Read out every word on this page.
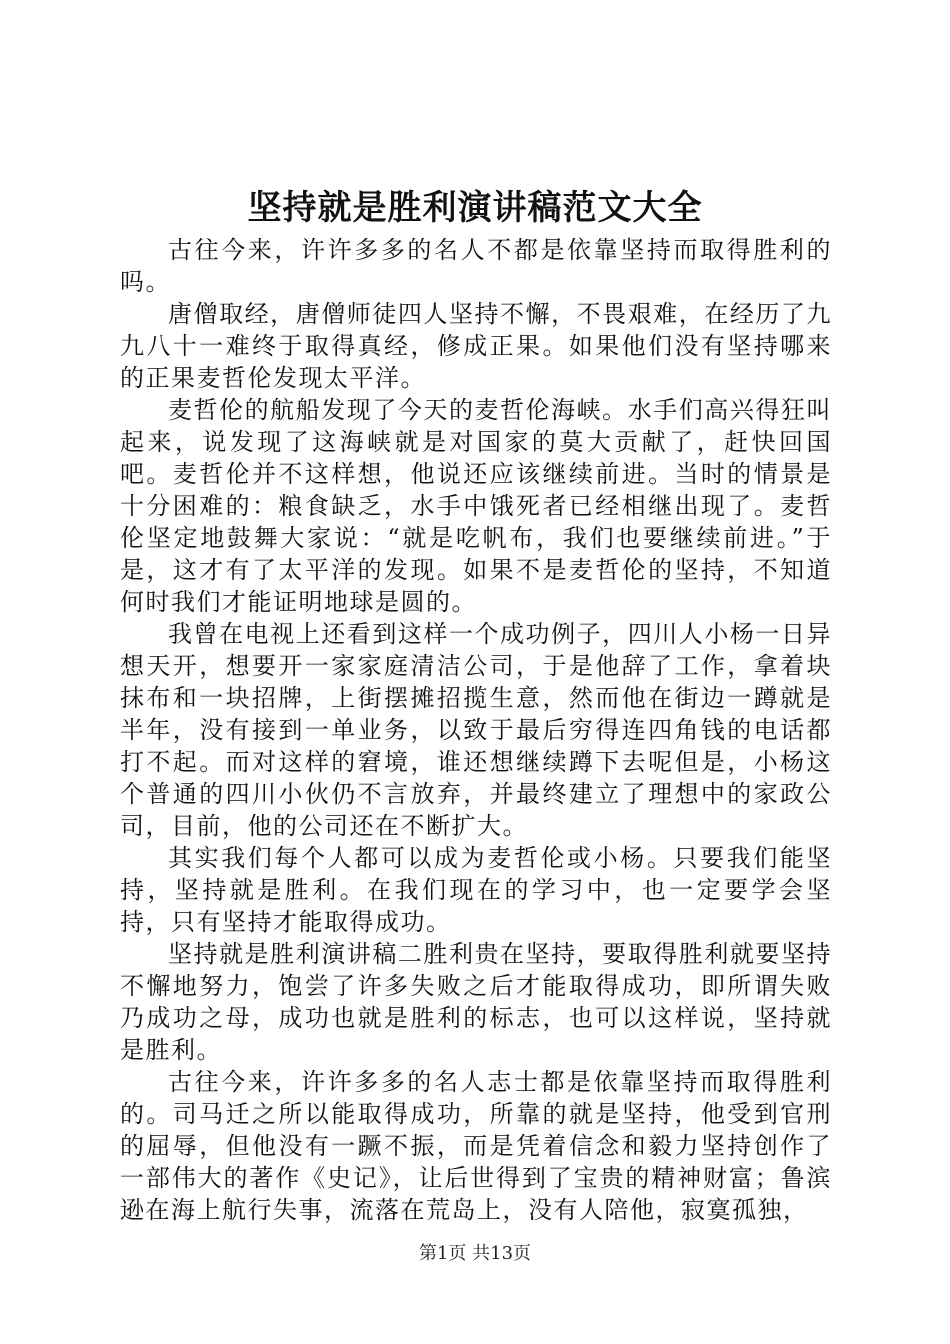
坚持就是胜利演讲稿范文大全

古往今来，许许多多的名人不都是依靠坚持而取得胜利的吗。

唐僧取经，唐僧师徒四人坚持不懈，不畏艰难，在经历了九九八十一难终于取得真经，修成正果。如果他们没有坚持哪来的正果麦哲伦发现太平洋。

麦哲伦的航船发现了今天的麦哲伦海峡。水手们高兴得狂叫起来，说发现了这海峡就是对国家的莫大贡献了，赶快回国吧。麦哲伦并不这样想，他说还应该继续前进。当时的情景是十分困难的：粮食缺乏，水手中饿死者已经相继出现了。麦哲伦坚定地鼓舞大家说：“就是吃帆布，我们也要继续前进。”于是，这才有了太平洋的发现。如果不是麦哲伦的坚持，不知道何时我们才能证明地球是圆的。

我曾在电视上还看到这样一个成功例子，四川人小杨一日异想天开，想要开一家家庭清洁公司，于是他辞了工作，拿着块抹布和一块招牌，上街摆摊招揽生意，然而他在街边一蹲就是半年，没有接到一单业务，以致于最后穷得连四角钱的电话都打不起。而对这样的窘境，谁还想继续蹲下去呢但是，小杨这个普通的四川小伙仍不言放弃，并最终建立了理想中的家政公司，目前，他的公司还在不断扩大。

其实我们每个人都可以成为麦哲伦或小杨。只要我们能坚持，坚持就是胜利。在我们现在的学习中，也一定要学会坚持，只有坚持才能取得成功。

坚持就是胜利演讲稿二胜利贵在坚持，要取得胜利就要坚持不懈地努力，饱尝了许多失败之后才能取得成功，即所谓失败乃成功之母，成功也就是胜利的标志，也可以这样说，坚持就是胜利。

古往今来，许许多多的名人志士都是依靠坚持而取得胜利的。司马迁之所以能取得成功，所靠的就是坚持，他受到官刑的屈辱，但他没有一蹶不振，而是凭着信念和毅力坚持创作了一部伟大的著作《史记》，让后世得到了宝贵的精神财富；鲁滨逊在海上航行失事，流落在荒岛上，没有人陪他，寂寞孤独，

第1页 共13页
